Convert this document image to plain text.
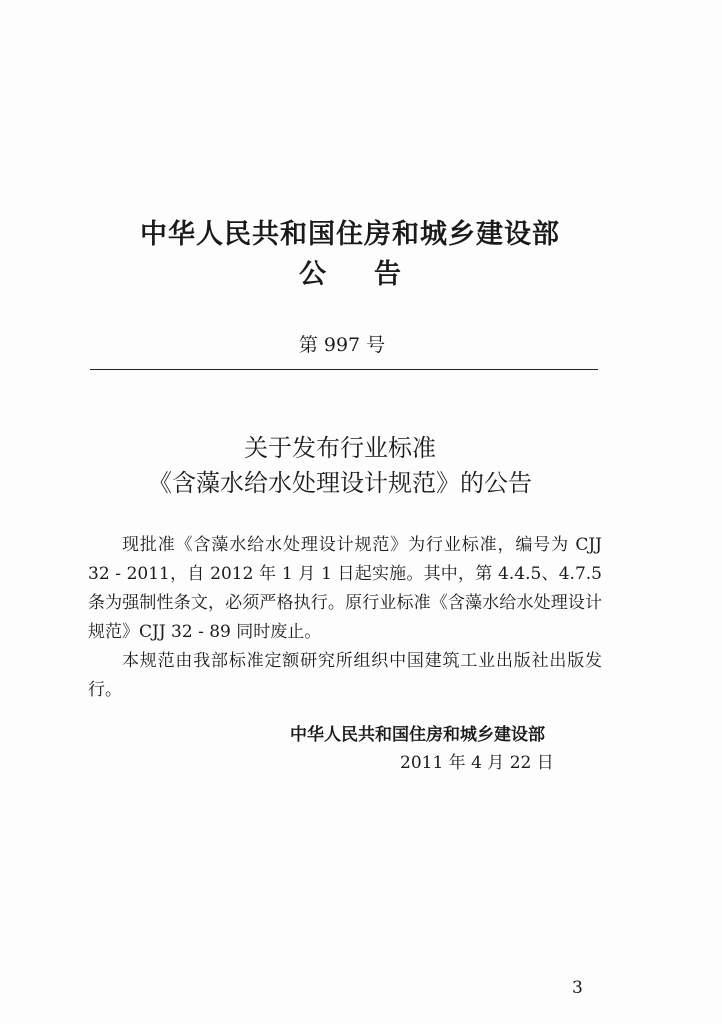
中华人民共和国住房和城乡建设部
公告
第 997 号
关于发布行业标准
《含藻水给水处理设计规范》的公告

现批准《含藻水给水处理设计规范》为行业标准，编号为 CJJ 32 - 2011，自 2012 年 1 月 1 日起实施。其中，第 4.4.5、4.7.5 条为强制性条文，必须严格执行。原行业标准《含藻水给水处理设计规范》CJJ 32 - 89 同时废止。

本规范由我部标准定额研究所组织中国建筑工业出版社出版发行。

中华人民共和国住房和城乡建设部
2011 年 4 月 22 日
3
